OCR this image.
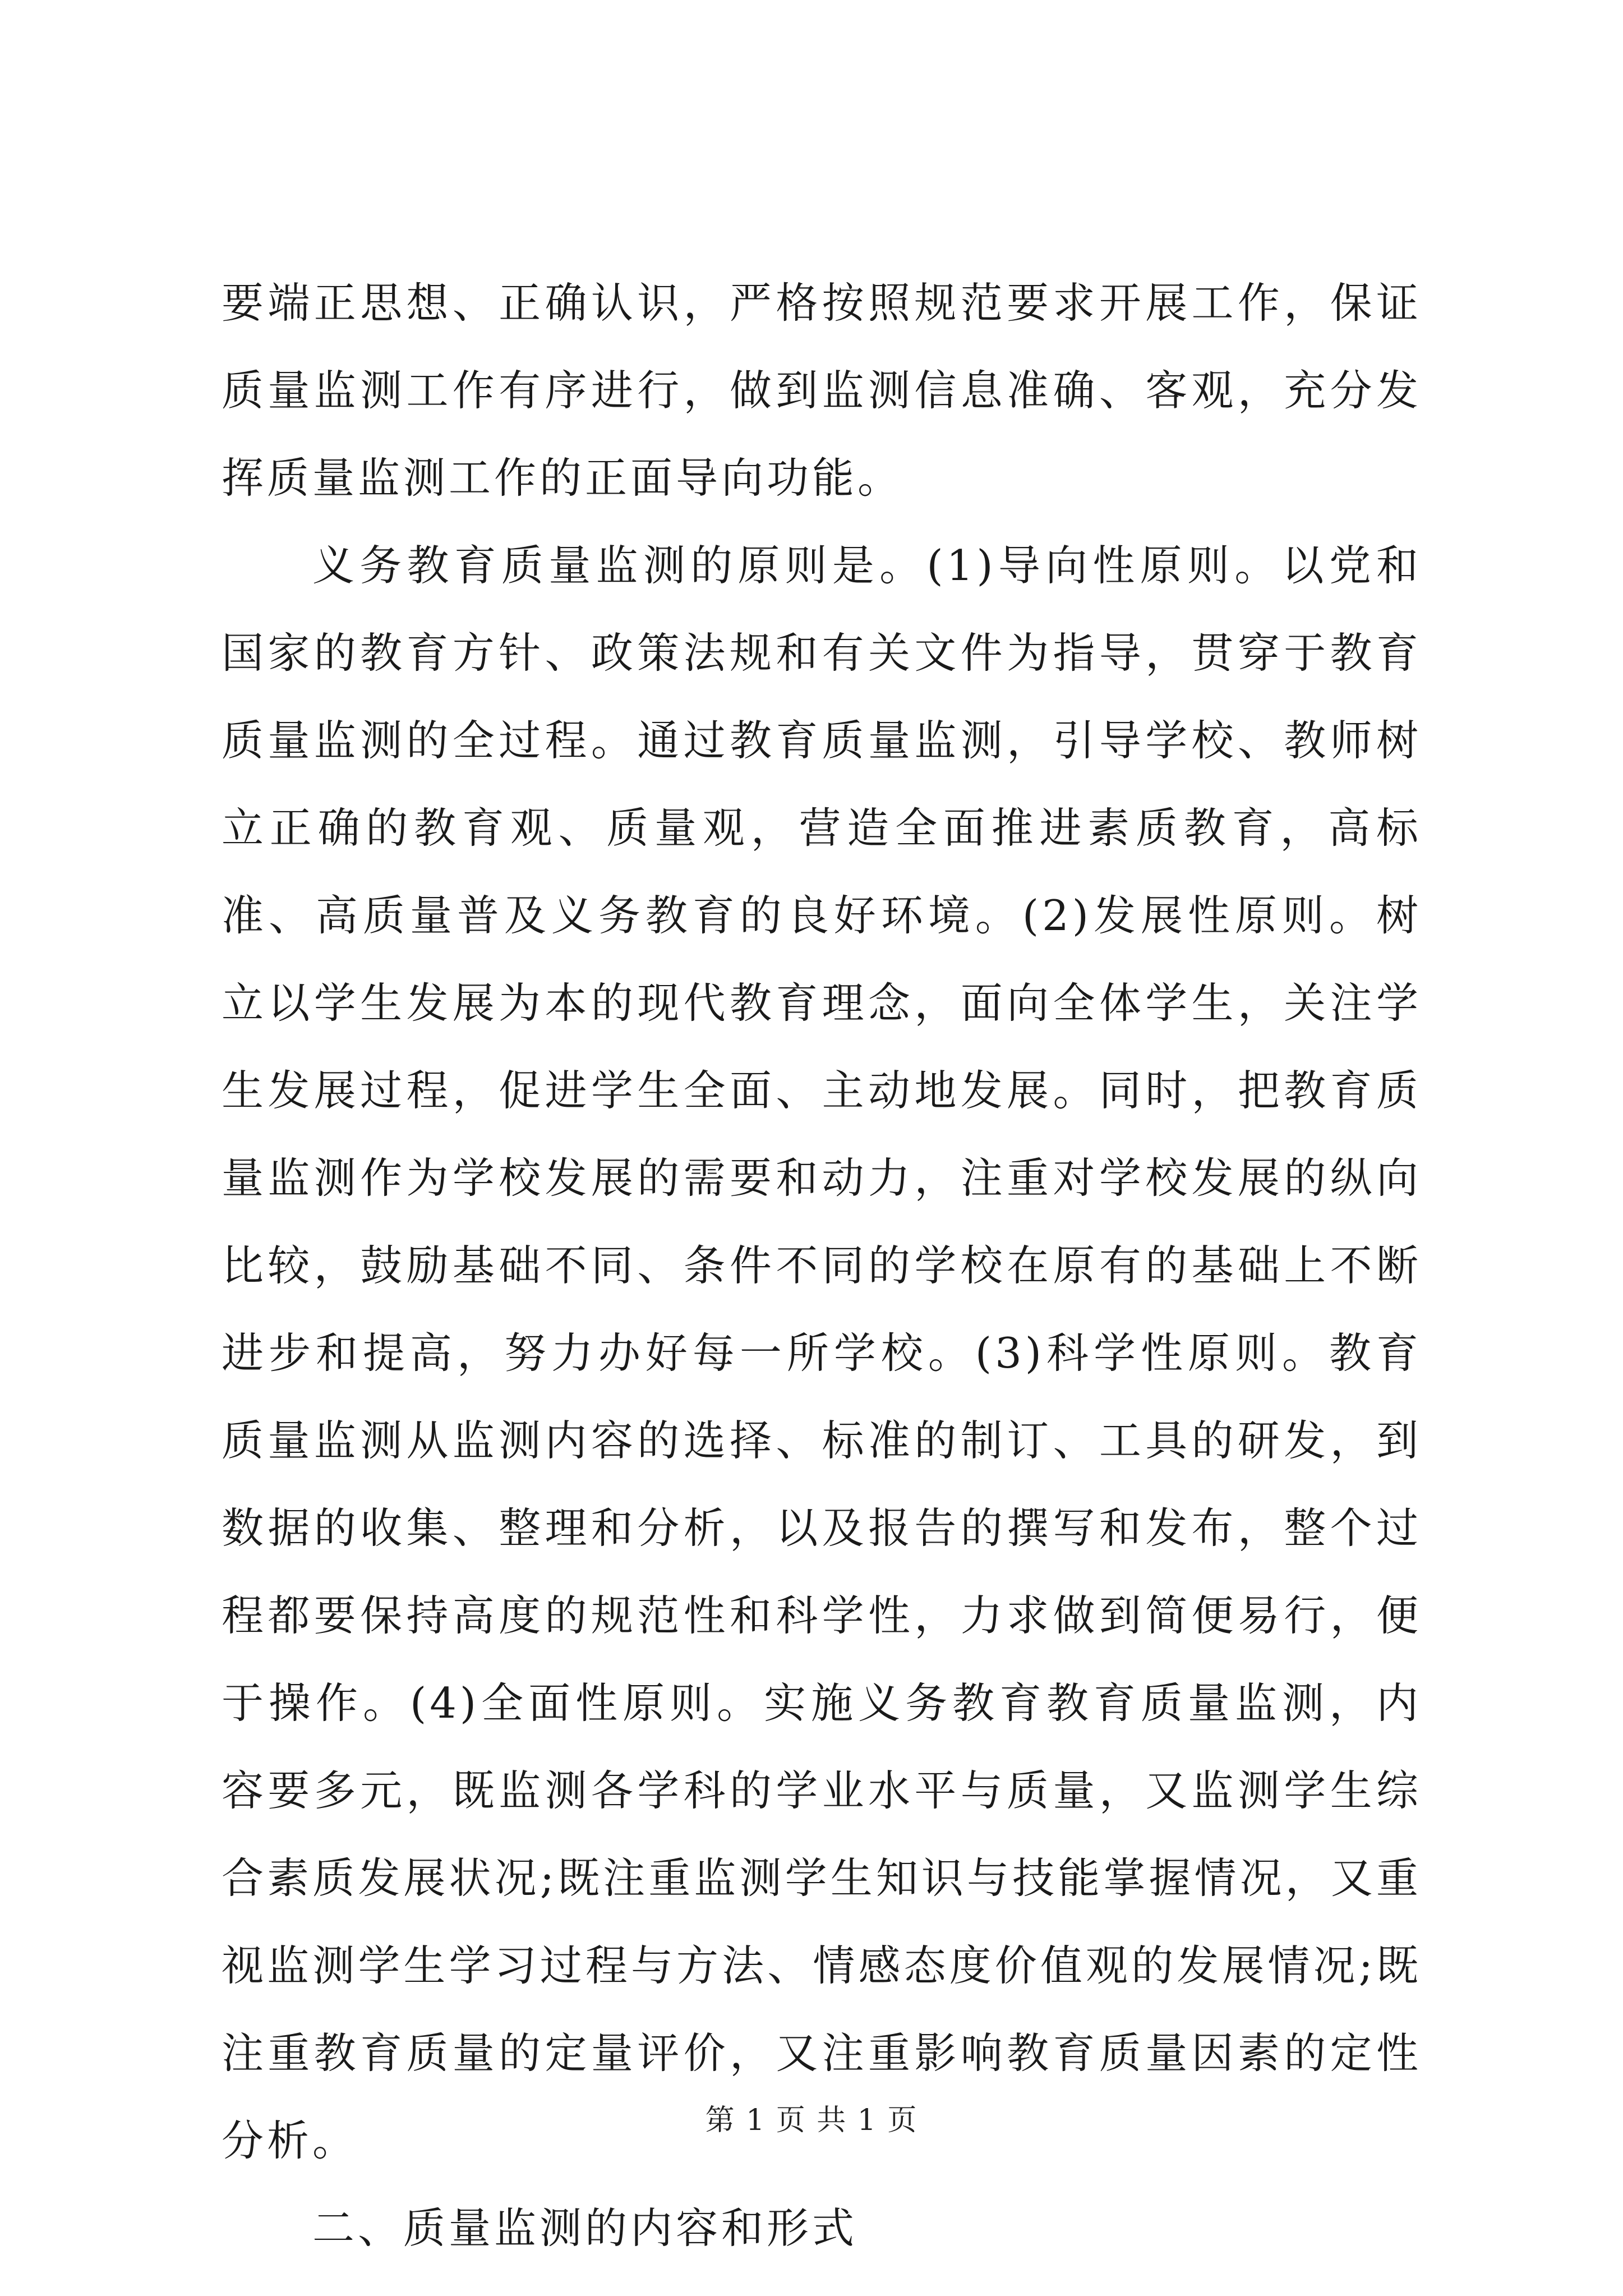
要端正思想、正确认识，严格按照规范要求开展工作，保证质量监测工作有序进行，做到监测信息准确、客观，充分发挥质量监测工作的正面导向功能。

义务教育质量监测的原则是。(1)导向性原则。以党和国家的教育方针、政策法规和有关文件为指导，贯穿于教育质量监测的全过程。通过教育质量监测，引导学校、教师树立正确的教育观、质量观，营造全面推进素质教育，高标准、高质量普及义务教育的良好环境。(2)发展性原则。树立以学生发展为本的现代教育理念，面向全体学生，关注学生发展过程，促进学生全面、主动地发展。同时，把教育质量监测作为学校发展的需要和动力，注重对学校发展的纵向比较，鼓励基础不同、条件不同的学校在原有的基础上不断进步和提高，努力办好每一所学校。(3)科学性原则。教育质量监测从监测内容的选择、标准的制订、工具的研发，到数据的收集、整理和分析，以及报告的撰写和发布，整个过程都要保持高度的规范性和科学性，力求做到简便易行，便于操作。(4)全面性原则。实施义务教育教育质量监测，内容要多元，既监测各学科的学业水平与质量，又监测学生综合素质发展状况;既注重监测学生知识与技能掌握情况，又重视监测学生学习过程与方法、情感态度价值观的发展情况;既注重教育质量的定量评价，又注重影响教育质量因素的定性分析。

二、质量监测的内容和形式

第 1 页 共 1 页
